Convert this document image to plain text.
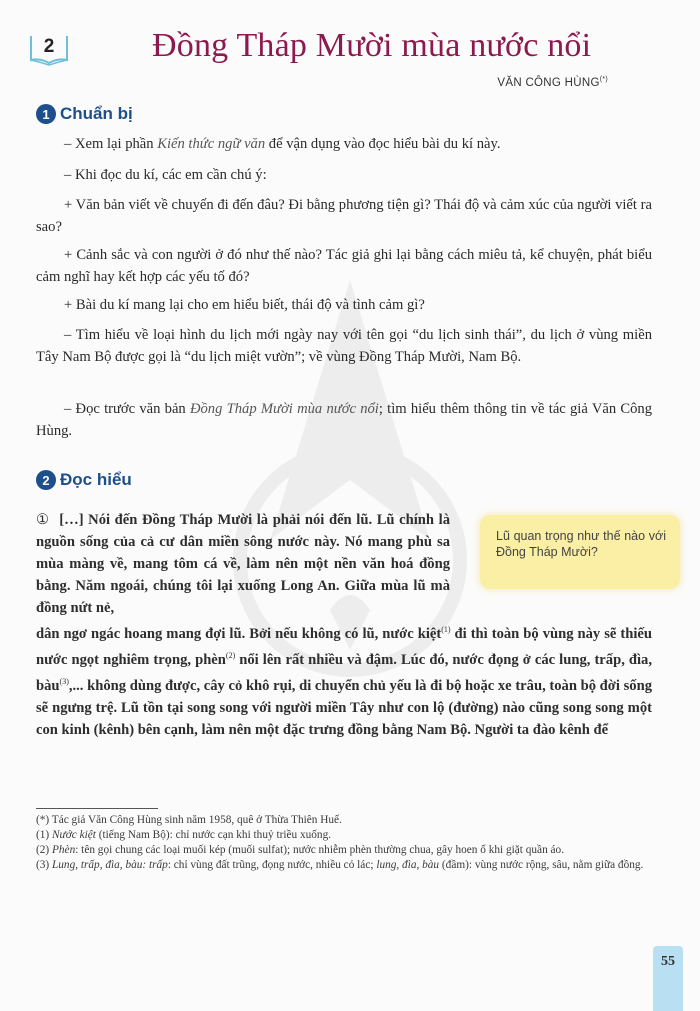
2	Đồng Tháp Mười mùa nước nổi
VĂN CÔNG HÙNG(*)
1 Chuẩn bị
– Xem lại phần Kiến thức ngữ văn để vận dụng vào đọc hiểu bài du kí này.
– Khi đọc du kí, các em cần chú ý:
+ Văn bản viết về chuyến đi đến đâu? Đi bằng phương tiện gì? Thái độ và cảm xúc của người viết ra sao?
+ Cảnh sắc và con người ở đó như thế nào? Tác giả ghi lại bằng cách miêu tả, kể chuyện, phát biểu cảm nghĩ hay kết hợp các yếu tố đó?
+ Bài du kí mang lại cho em hiểu biết, thái độ và tình cảm gì?
– Tìm hiểu về loại hình du lịch mới ngày nay với tên gọi “du lịch sinh thái”, du lịch ở vùng miền Tây Nam Bộ được gọi là “du lịch miệt vườn”; về vùng Đồng Tháp Mười, Nam Bộ.
– Đọc trước văn bản Đồng Tháp Mười mùa nước nổi; tìm hiểu thêm thông tin về tác giả Văn Công Hùng.
2 Đọc hiểu
① […] Nói đến Đồng Tháp Mười là phải nói đến lũ. Lũ chính là nguồn sống của cả cư dân miền sông nước này. Nó mang phù sa mùa màng về, mang tôm cá về, làm nên một nền văn hoá đồng bằng. Năm ngoái, chúng tôi lại xuống Long An. Giữa mùa lũ mà đồng nứt nẻ,
Lũ quan trọng như thế nào với Đồng Tháp Mười?
dân ngơ ngác hoang mang đợi lũ. Bởi nếu không có lũ, nước kiệt$^{(1)}$ đi thì toàn bộ vùng này sẽ thiếu nước ngọt nghiêm trọng, phèn$^{(2)}$ nổi lên rất nhiều và đậm. Lúc đó, nước đọng ở các lung, trấp, đìa, bàu$^{(3)}$,... không dùng được, cây cỏ khô rụi, di chuyển chủ yếu là đi bộ hoặc xe trâu, toàn bộ đời sống sẽ ngưng trệ. Lũ tồn tại song song với người miền Tây như con lộ (đường) nào cũng song song một con kinh (kênh) bên cạnh, làm nên một đặc trưng đồng bằng Nam Bộ. Người ta đào kênh để
(*) Tác giả Văn Công Hùng sinh năm 1958, quê ở Thừa Thiên Huế.
(1) Nước kiệt (tiếng Nam Bộ): chỉ nước cạn khi thuỷ triều xuống.
(2) Phèn: tên gọi chung các loại muối kép (muối sulfat); nước nhiễm phèn thường chua, gây hoen ố khi giặt quần áo.
(3) Lung, trấp, đìa, bàu: trấp: chỉ vùng đất trũng, đọng nước, nhiều cỏ lác; lung, đìa, bàu (đầm): vùng nước rộng, sâu, nằm giữa đồng.
55
